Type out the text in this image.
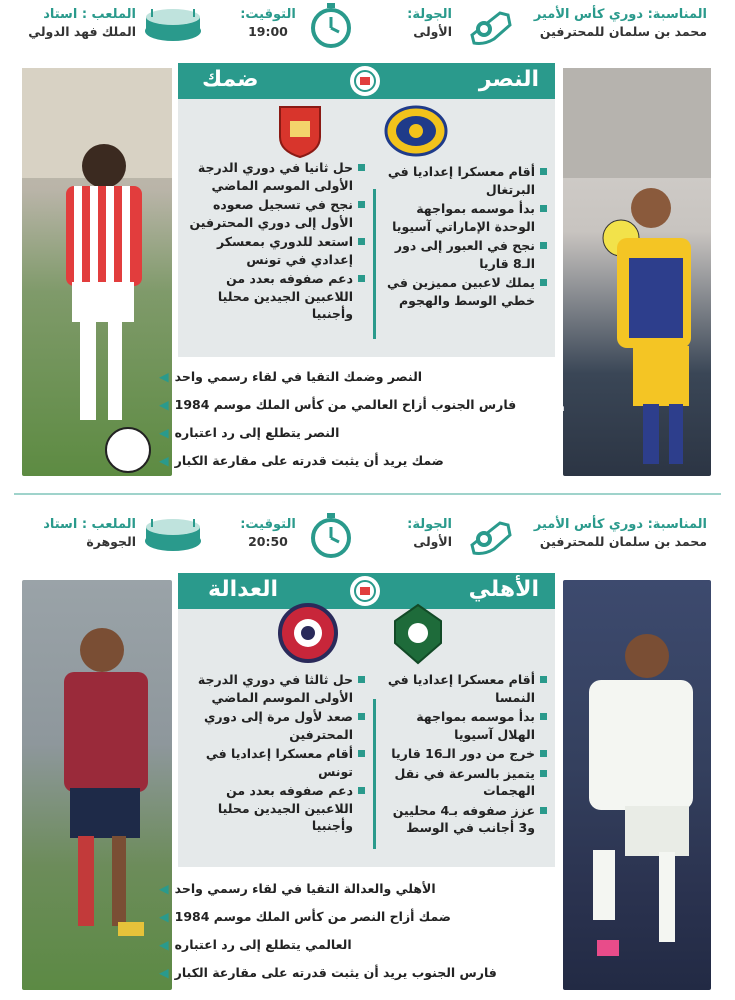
المناسبة: دوري كأس الأمير
محمد بن سلمان للمحترفين
الجولة:
الأولى
التوقيت:
19:00
الملعب : استاد
الملك فهد الدولي
#A
النصر
ضمك
أقام معسكرا إعداديا في البرتغال
بدأ موسمه بمواجهة الوحدة الإماراتي آسيويا
نجح في العبور إلى دور الـ8 قاريا
يملك لاعبين مميزين في خطي الوسط والهجوم
حل ثانيا في دوري الدرجة الأولى الموسم الماضي
نجح في تسجيل صعوده الأول إلى دوري المحترفين
استعد للدوري بمعسكر إعدادي في تونس
دعم صفوفه بعدد من اللاعبين الجيدين محليا وأجنبيا
النصر وضمك التقيا في لقاء رسمي واحد
◀
فارس الجنوب أزاح العالمي من كأس الملك موسم 1984
◀
النصر يتطلع إلى رد اعتباره
◀
ضمك يريد أن يثبت قدرته على مقارعة الكبار
◀
المناسبة: دوري كأس الأمير
محمد بن سلمان للمحترفين
الجولة:
الأولى
التوقيت:
20:50
الملعب : استاد
الجوهرة
الأهلي
العدالة
أقام معسكرا إعداديا في النمسا
بدأ موسمه بمواجهة الهلال آسيويا
خرج من دور الـ16 قاريا
يتميز بالسرعة في نقل الهجمات
عزز صفوفه بـ4 محليين و3 أجانب في الوسط
حل ثالثا في دوري الدرجة الأولى الموسم الماضي
صعد لأول مرة إلى دوري المحترفين
أقام معسكرا إعداديا في تونس
دعم صفوفه بعدد من اللاعبين الجيدين محليا وأجنبيا
الأهلي والعدالة التقيا في لقاء رسمي واحد
◀
ضمك أزاح النصر من كأس الملك موسم 1984
◀
العالمي يتطلع إلى رد اعتباره
◀
فارس الجنوب يريد أن يثبت قدرته على مقارعة الكبار
◀
